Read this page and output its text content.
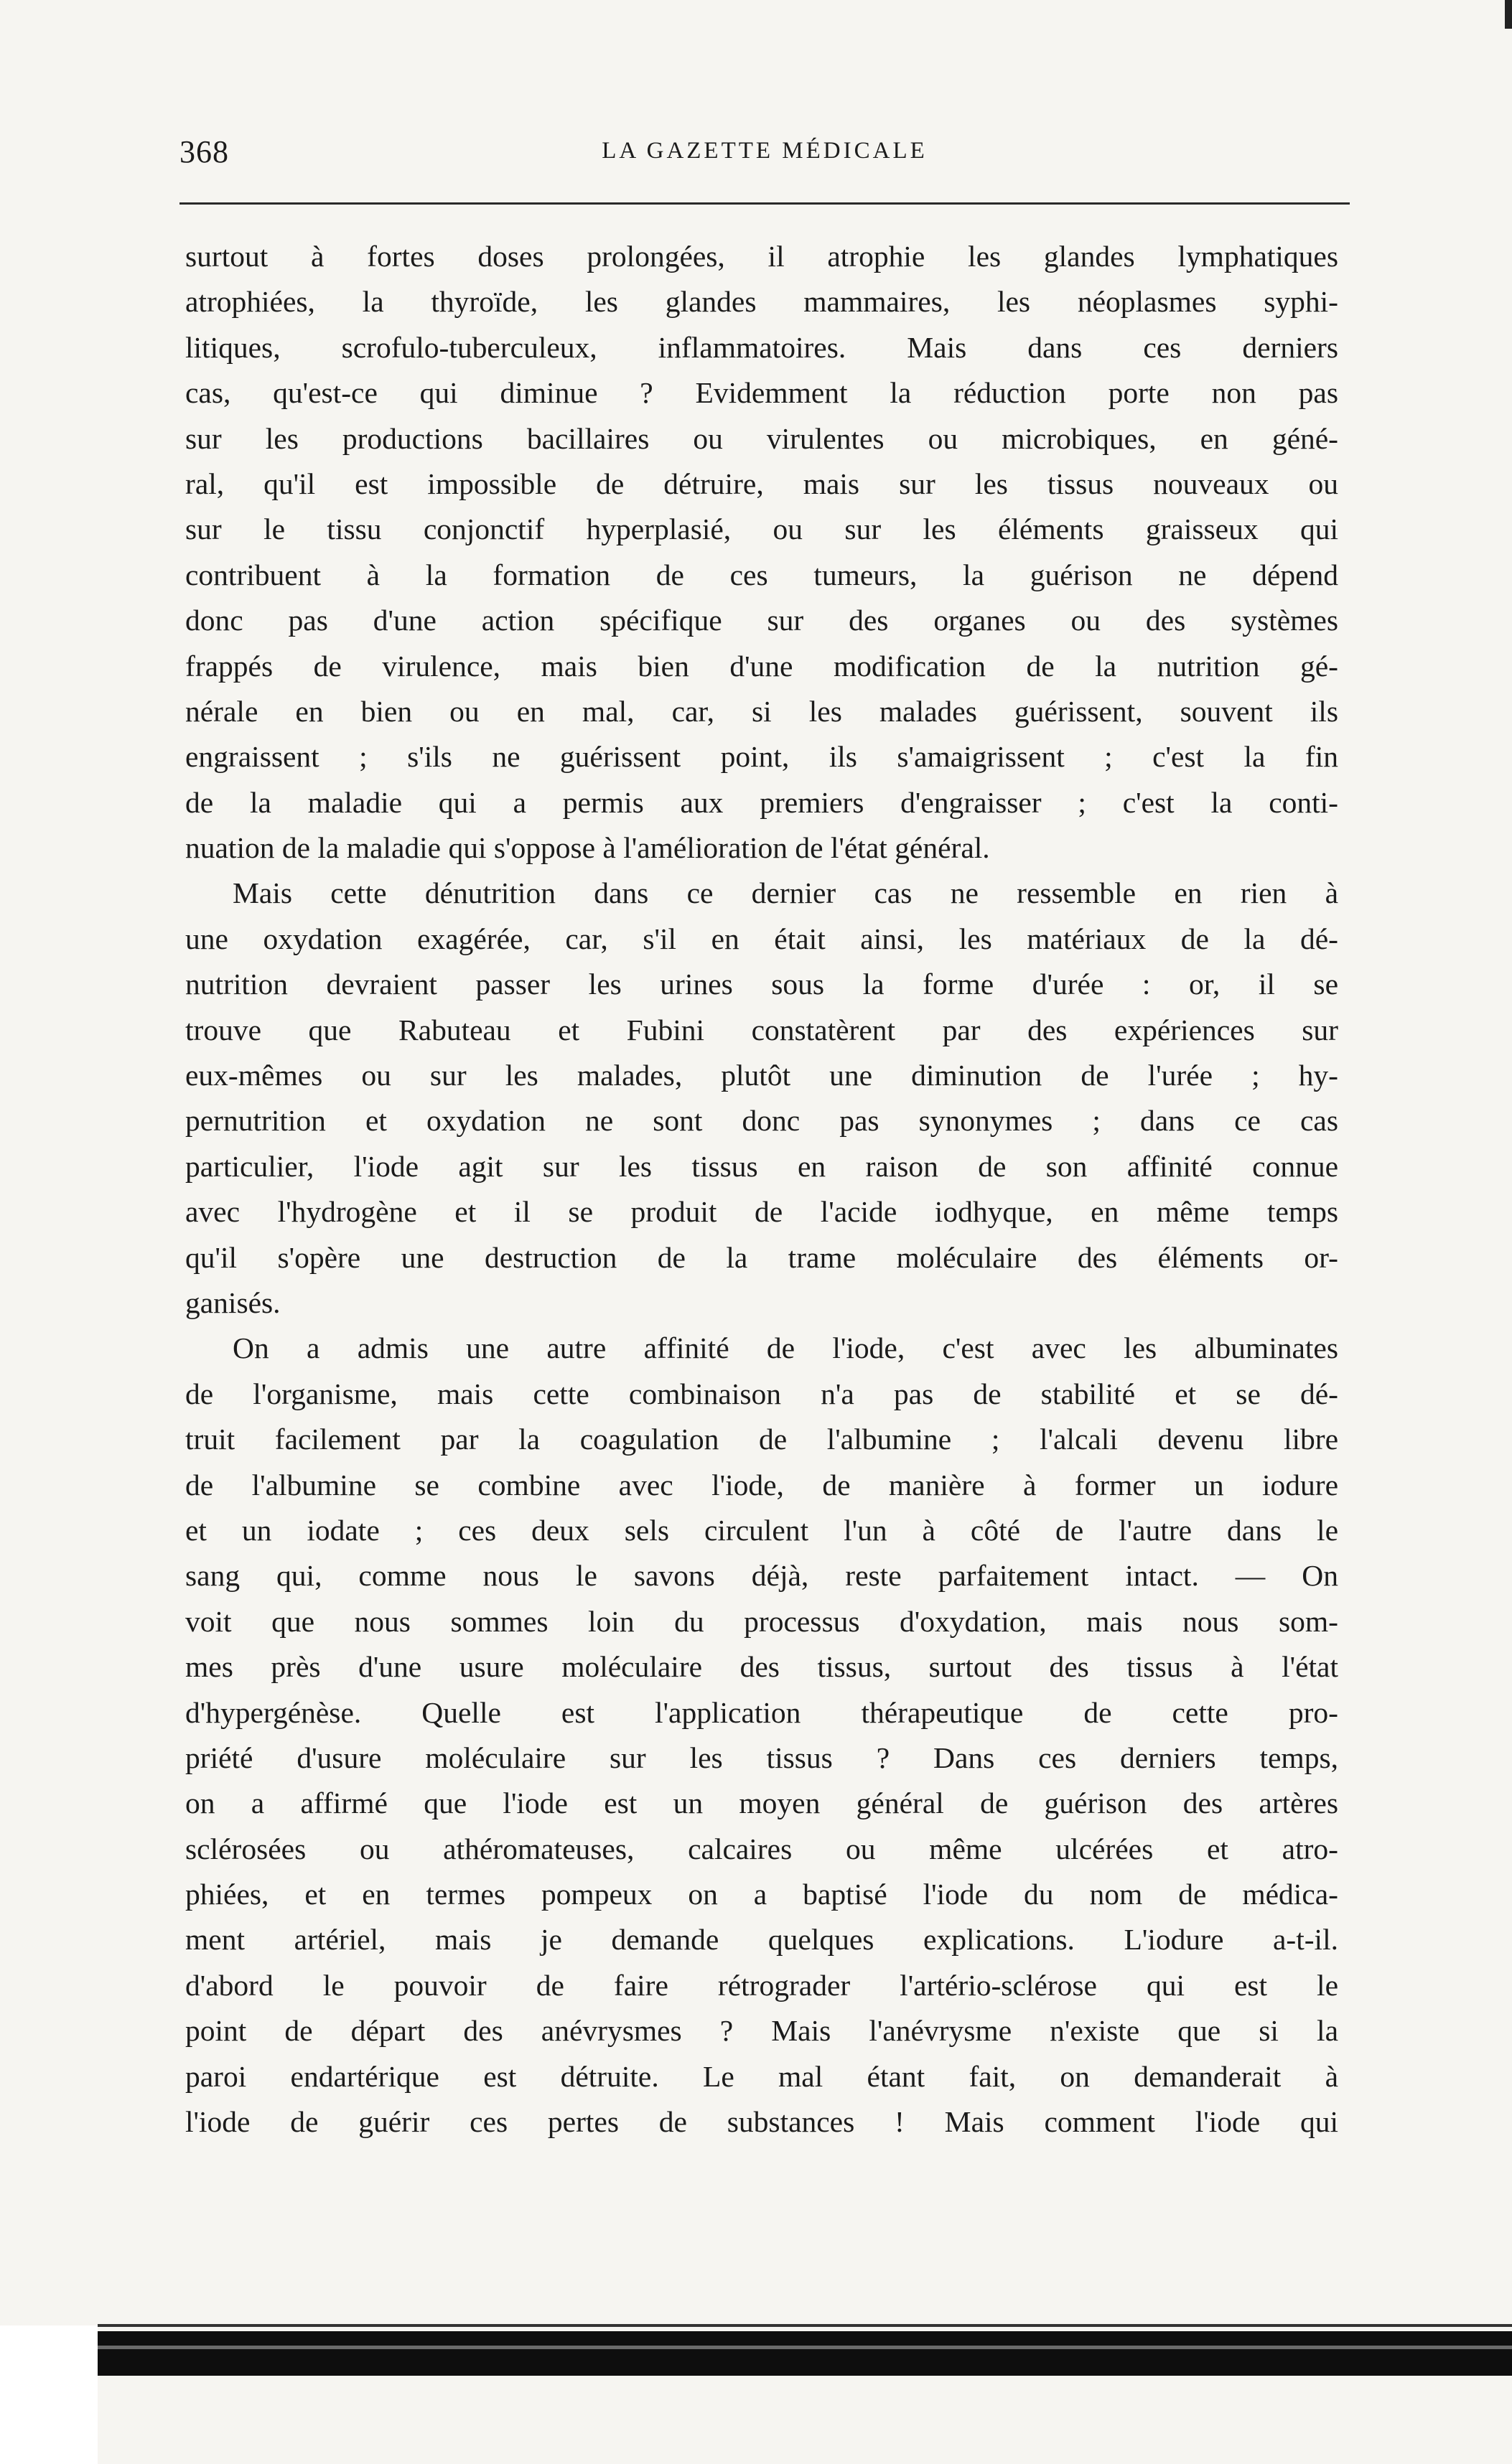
368	LA GAZETTE MÉDICALE
surtout à fortes doses prolongées, il atrophie les glandes lymphatiques
atrophiées, la thyroïde, les glandes mammaires, les néoplasmes syphi-
litiques, scrofulo-tuberculeux, inflammatoires. Mais dans ces derniers
cas, qu'est-ce qui diminue ? Evidemment la réduction porte non pas
sur les productions bacillaires ou virulentes ou microbiques, en géné-
ral, qu'il est impossible de détruire, mais sur les tissus nouveaux ou
sur le tissu conjonctif hyperplasié, ou sur les éléments graisseux qui
contribuent à la formation de ces tumeurs, la guérison ne dépend
donc pas d'une action spécifique sur des organes ou des systèmes
frappés de virulence, mais bien d'une modification de la nutrition gé-
nérale en bien ou en mal, car, si les malades guérissent, souvent ils
engraissent ; s'ils ne guérissent point, ils s'amaigrissent ; c'est la fin
de la maladie qui a permis aux premiers d'engraisser ; c'est la conti-
nuation de la maladie qui s'oppose à l'amélioration de l'état général.
Mais cette dénutrition dans ce dernier cas ne ressemble en rien à
une oxydation exagérée, car, s'il en était ainsi, les matériaux de la dé-
nutrition devraient passer les urines sous la forme d'urée : or, il se
trouve que Rabuteau et Fubini constatèrent par des expériences sur
eux-mêmes ou sur les malades, plutôt une diminution de l'urée ; hy-
pernutrition et oxydation ne sont donc pas synonymes ; dans ce cas
particulier, l'iode agit sur les tissus en raison de son affinité connue
avec l'hydrogène et il se produit de l'acide iodhyque, en même temps
qu'il s'opère une destruction de la trame moléculaire des éléments or-
ganisés.
On a admis une autre affinité de l'iode, c'est avec les albuminates
de l'organisme, mais cette combinaison n'a pas de stabilité et se dé-
truit facilement par la coagulation de l'albumine ; l'alcali devenu libre
de l'albumine se combine avec l'iode, de manière à former un iodure
et un iodate ; ces deux sels circulent l'un à côté de l'autre dans le
sang qui, comme nous le savons déjà, reste parfaitement intact. — On
voit que nous sommes loin du processus d'oxydation, mais nous som-
mes près d'une usure moléculaire des tissus, surtout des tissus à l'état
d'hypergénèse. Quelle est l'application thérapeutique de cette pro-
priété d'usure moléculaire sur les tissus ? Dans ces derniers temps,
on a affirmé que l'iode est un moyen général de guérison des artères
sclérosées ou athéromateuses, calcaires ou même ulcérées et atro-
phiées, et en termes pompeux on a baptisé l'iode du nom de médica-
ment artériel, mais je demande quelques explications. L'iodure a-t-il.
d'abord le pouvoir de faire rétrograder l'artério-sclérose qui est le
point de départ des anévrysmes ? Mais l'anévrysme n'existe que si la
paroi endartérique est détruite. Le mal étant fait, on demanderait à
l'iode de guérir ces pertes de substances ! Mais comment l'iode qui
